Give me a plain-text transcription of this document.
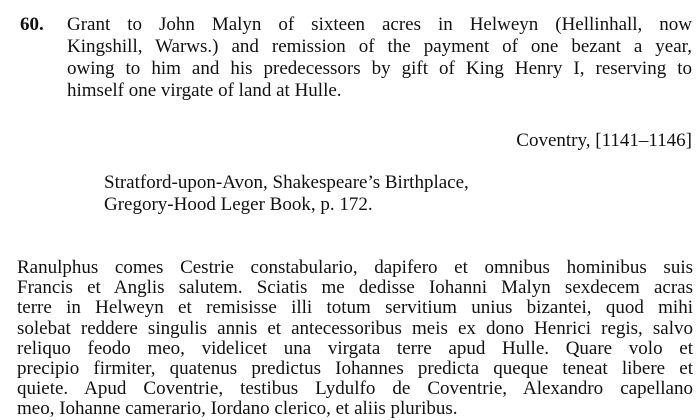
60. Grant to John Malyn of sixteen acres in Helweyn (Hellinhall, now
Kingshill, Warws.) and remission of the payment of one bezant a year,
owing to him and his predecessors by gift of King Henry I, reserving to
himself one virgate of land at Hulle.
Coventry, [1141–1146]
Stratford-upon-Avon, Shakespeare’s Birthplace,
Gregory-Hood Leger Book, p. 172.
Ranulphus comes Cestrie constabulario, dapifero et omnibus hominibus suis
Francis et Anglis salutem. Sciatis me dedisse Iohanni Malyn sexdecem acras
terre in Helweyn et remisisse illi totum servitium unius bizantei, quod mihi
solebat reddere singulis annis et antecessoribus meis ex dono Henrici regis, salvo
reliquo feodo meo, videlicet una virgata terre apud Hulle. Quare volo et
precipio firmiter, quatenus predictus Iohannes predicta queque teneat libere et
quiete. Apud Coventrie, testibus Lydulfo de Coventrie, Alexandro capellano
meo, Iohanne camerario, Iordano clerico, et aliis pluribus.
